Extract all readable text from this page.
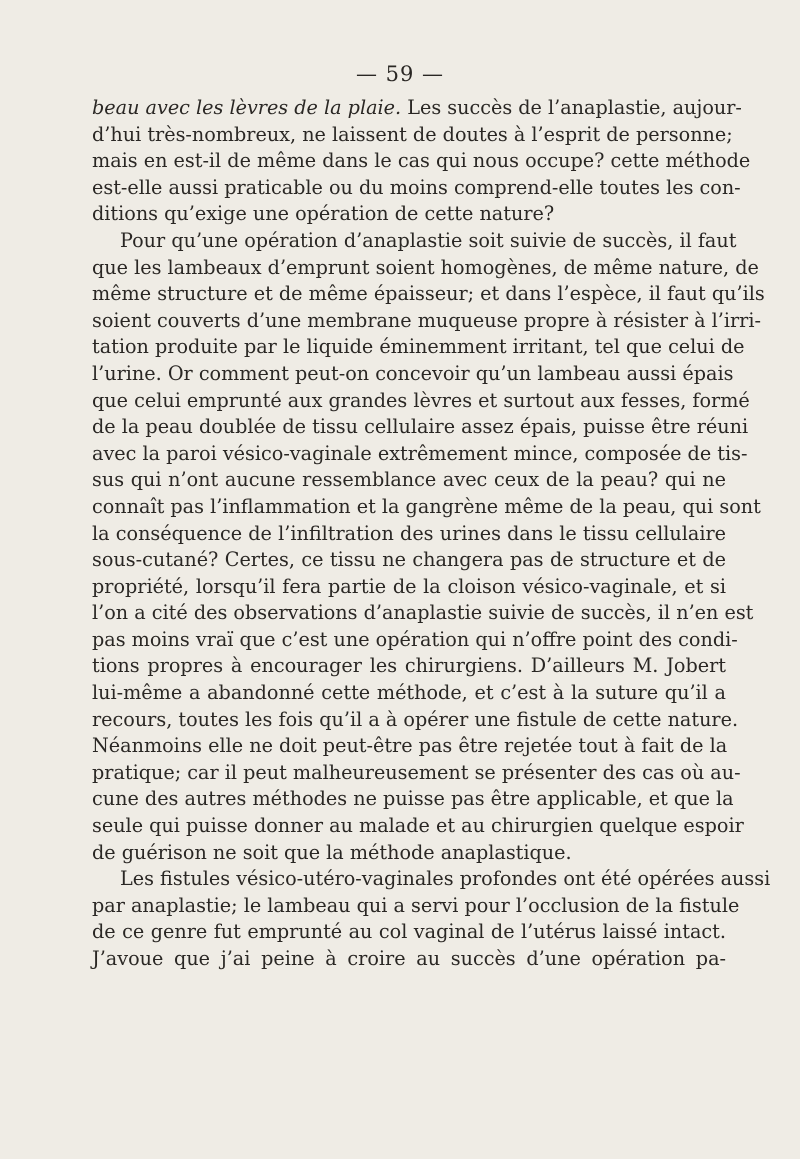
— 59 —
beau avec les lèvres de la plaie. Les succès de l’anaplastie, aujour-
d’hui très-nombreux, ne laissent de doutes à l’esprit de personne;
mais en est-il de même dans le cas qui nous occupe? cette méthode
est-elle aussi praticable ou du moins comprend-elle toutes les con-
ditions qu’exige une opération de cette nature?
Pour qu’une opération d’anaplastie soit suivie de succès, il faut
que les lambeaux d’emprunt soient homogènes, de même nature, de
même structure et de même épaisseur; et dans l’espèce, il faut qu’ils
soient couverts d’une membrane muqueuse propre à résister à l’irri-
tation produite par le liquide éminemment irritant, tel que celui de
l’urine. Or comment peut-on concevoir qu’un lambeau aussi épais
que celui emprunté aux grandes lèvres et surtout aux fesses, formé
de la peau doublée de tissu cellulaire assez épais, puisse être réuni
avec la paroi vésico-vaginale extrêmement mince, composée de tis-
sus qui n’ont aucune ressemblance avec ceux de la peau? qui ne
connaît pas l’inflammation et la gangrène même de la peau, qui sont
la conséquence de l’infiltration des urines dans le tissu cellulaire
sous-cutané? Certes, ce tissu ne changera pas de structure et de
propriété, lorsqu’il fera partie de la cloison vésico-vaginale, et si
l’on a cité des observations d’anaplastie suivie de succès, il n’en est
pas moins vraï que c’est une opération qui n’offre point des condi-
tions propres à encourager les chirurgiens. D’ailleurs M. Jobert
lui-même a abandonné cette méthode, et c’est à la suture qu’il a
recours, toutes les fois qu’il a à opérer une fistule de cette nature.
Néanmoins elle ne doit peut-être pas être rejetée tout à fait de la
pratique; car il peut malheureusement se présenter des cas où au-
cune des autres méthodes ne puisse pas être applicable, et que la
seule qui puisse donner au malade et au chirurgien quelque espoir
de guérison ne soit que la méthode anaplastique.
Les fistules vésico-utéro-vaginales profondes ont été opérées aussi
par anaplastie; le lambeau qui a servi pour l’occlusion de la fistule
de ce genre fut emprunté au col vaginal de l’utérus laissé intact.
J’avoue que j’ai peine à croire au succès d’une opération pa-
